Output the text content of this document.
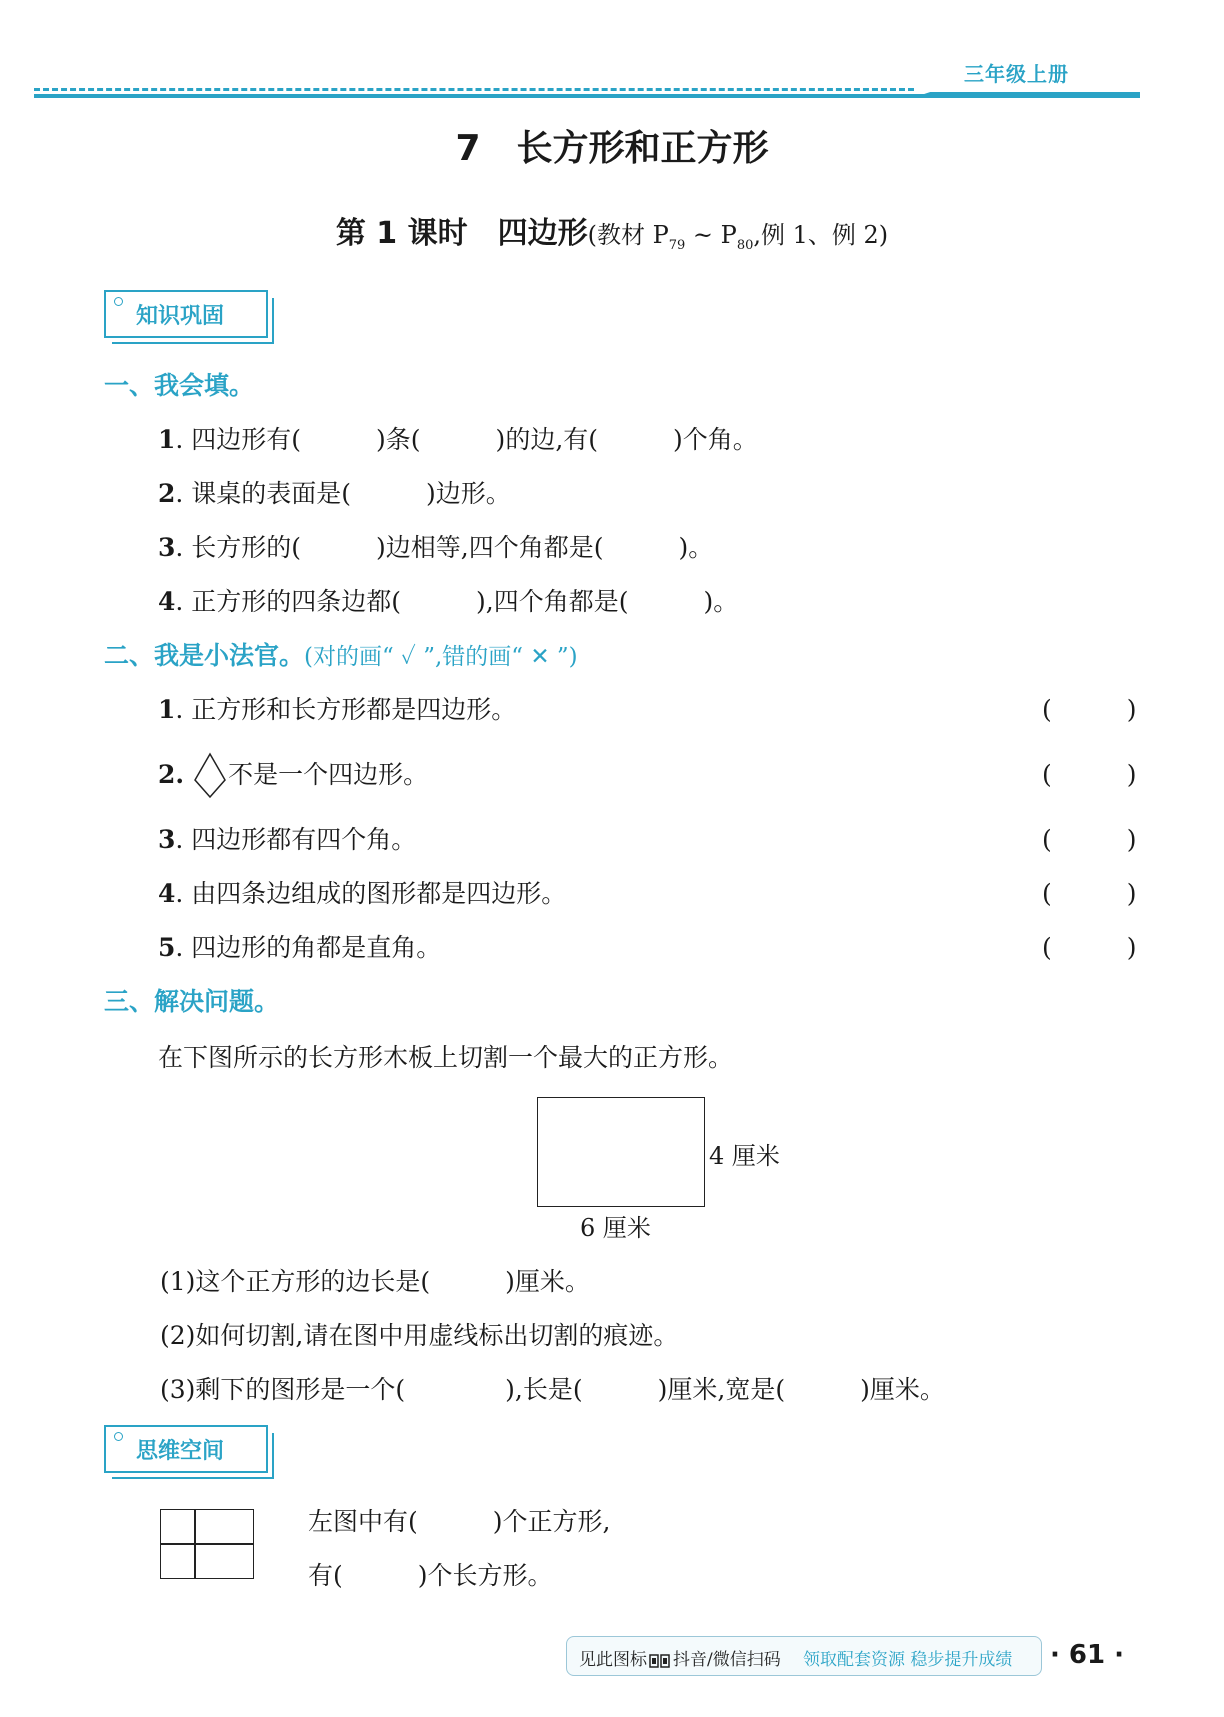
三年级上册
7　长方形和正方形
第 1 课时　四边形(教材 $P_{79}$ ~ $P_{80}$,例 1、例 2)
知识巩固
一、我会填。
1. 四边形有(　　　)条(　　　)的边,有(　　　)个角。
2. 课桌的表面是(　　　)边形。
3. 长方形的(　　　)边相等,四个角都是(　　　)。
4. 正方形的四条边都(　　　),四个角都是(　　　)。
二、我是小法官。(对的画“ ✓ ”,错的画“ ✕ ”)
1. 正方形和长方形都是四边形。	(　　　)
2. 不是一个四边形。	(　　　)
3. 四边形都有四个角。	(　　　)
4. 由四条边组成的图形都是四边形。	(　　　)
5. 四边形的角都是直角。	(　　　)
三、解决问题。
在下图所示的长方形木板上切割一个最大的正方形。
4 厘米
6 厘米
(1)这个正方形的边长是(　　　)厘米。
(2)如何切割,请在图中用虚线标出切割的痕迹。
(3)剩下的图形是一个(　　　　),长是(　　　)厘米,宽是(　　　)厘米。
思维空间
左图中有(　　　)个正方形,
有(　　　)个长方形。
见此图标 抖音/微信扫码 领取配套资源 稳步提升成绩 · 61 ·
